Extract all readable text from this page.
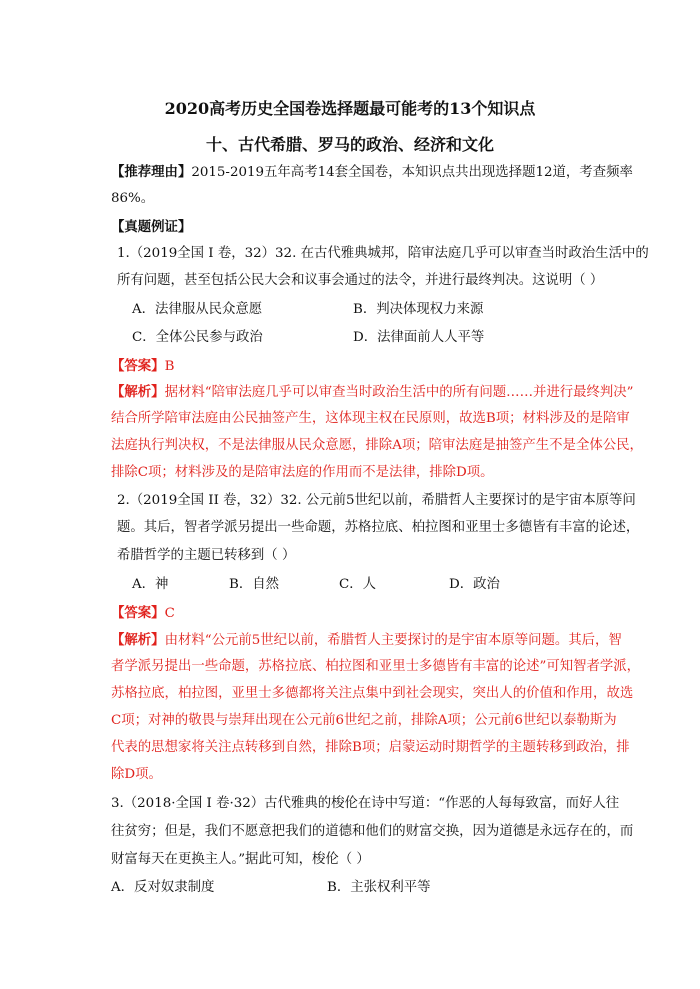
2020高考历史全国卷选择题最可能考的13个知识点
十、古代希腊、罗马的政治、经济和文化
【推荐理由】2015-2019五年高考14套全国卷，本知识点共出现选择题12道，考查频率
86%。
【真题例证】
1.（2019全国 I 卷，32）32. 在古代雅典城邦，陪审法庭几乎可以审查当时政治生活中的
所有问题，甚至包括公民大会和议事会通过的法令，并进行最终判决。这说明（ ）
A．法律服从民众意愿	B．判决体现权力来源
C．全体公民参与政治	D．法律面前人人平等
【答案】B
【解析】据材料“陪审法庭几乎可以审查当时政治生活中的所有问题……并进行最终判决”
结合所学陪审法庭由公民抽签产生，这体现主权在民原则，故选B项；材料涉及的是陪审
法庭执行判决权，不是法律服从民众意愿，排除A项；陪审法庭是抽签产生不是全体公民，
排除C项；材料涉及的是陪审法庭的作用而不是法律，排除D项。
2.（2019全国 II 卷，32）32. 公元前5世纪以前，希腊哲人主要探讨的是宇宙本原等问
题。其后，智者学派另提出一些命题，苏格拉底、柏拉图和亚里士多德皆有丰富的论述，
希腊哲学的主题已转移到（ ）
A．神	B．自然	C．人	D．政治
【答案】C
【解析】由材料“公元前5世纪以前，希腊哲人主要探讨的是宇宙本原等问题。其后，智
者学派另提出一些命题，苏格拉底、柏拉图和亚里士多德皆有丰富的论述”可知智者学派，
苏格拉底，柏拉图，亚里士多德都将关注点集中到社会现实，突出人的价值和作用，故选
C项；对神的敬畏与崇拜出现在公元前6世纪之前，排除A项；公元前6世纪以泰勒斯为
代表的思想家将关注点转移到自然，排除B项；启蒙运动时期哲学的主题转移到政治，排
除D项。
3.（2018·全国 I 卷·32）古代雅典的梭伦在诗中写道：“作恶的人每每致富，而好人往
往贫穷；但是，我们不愿意把我们的道德和他们的财富交换，因为道德是永远存在的，而
财富每天在更换主人。”据此可知，梭伦（ ）
A．反对奴隶制度	B．主张权利平等
